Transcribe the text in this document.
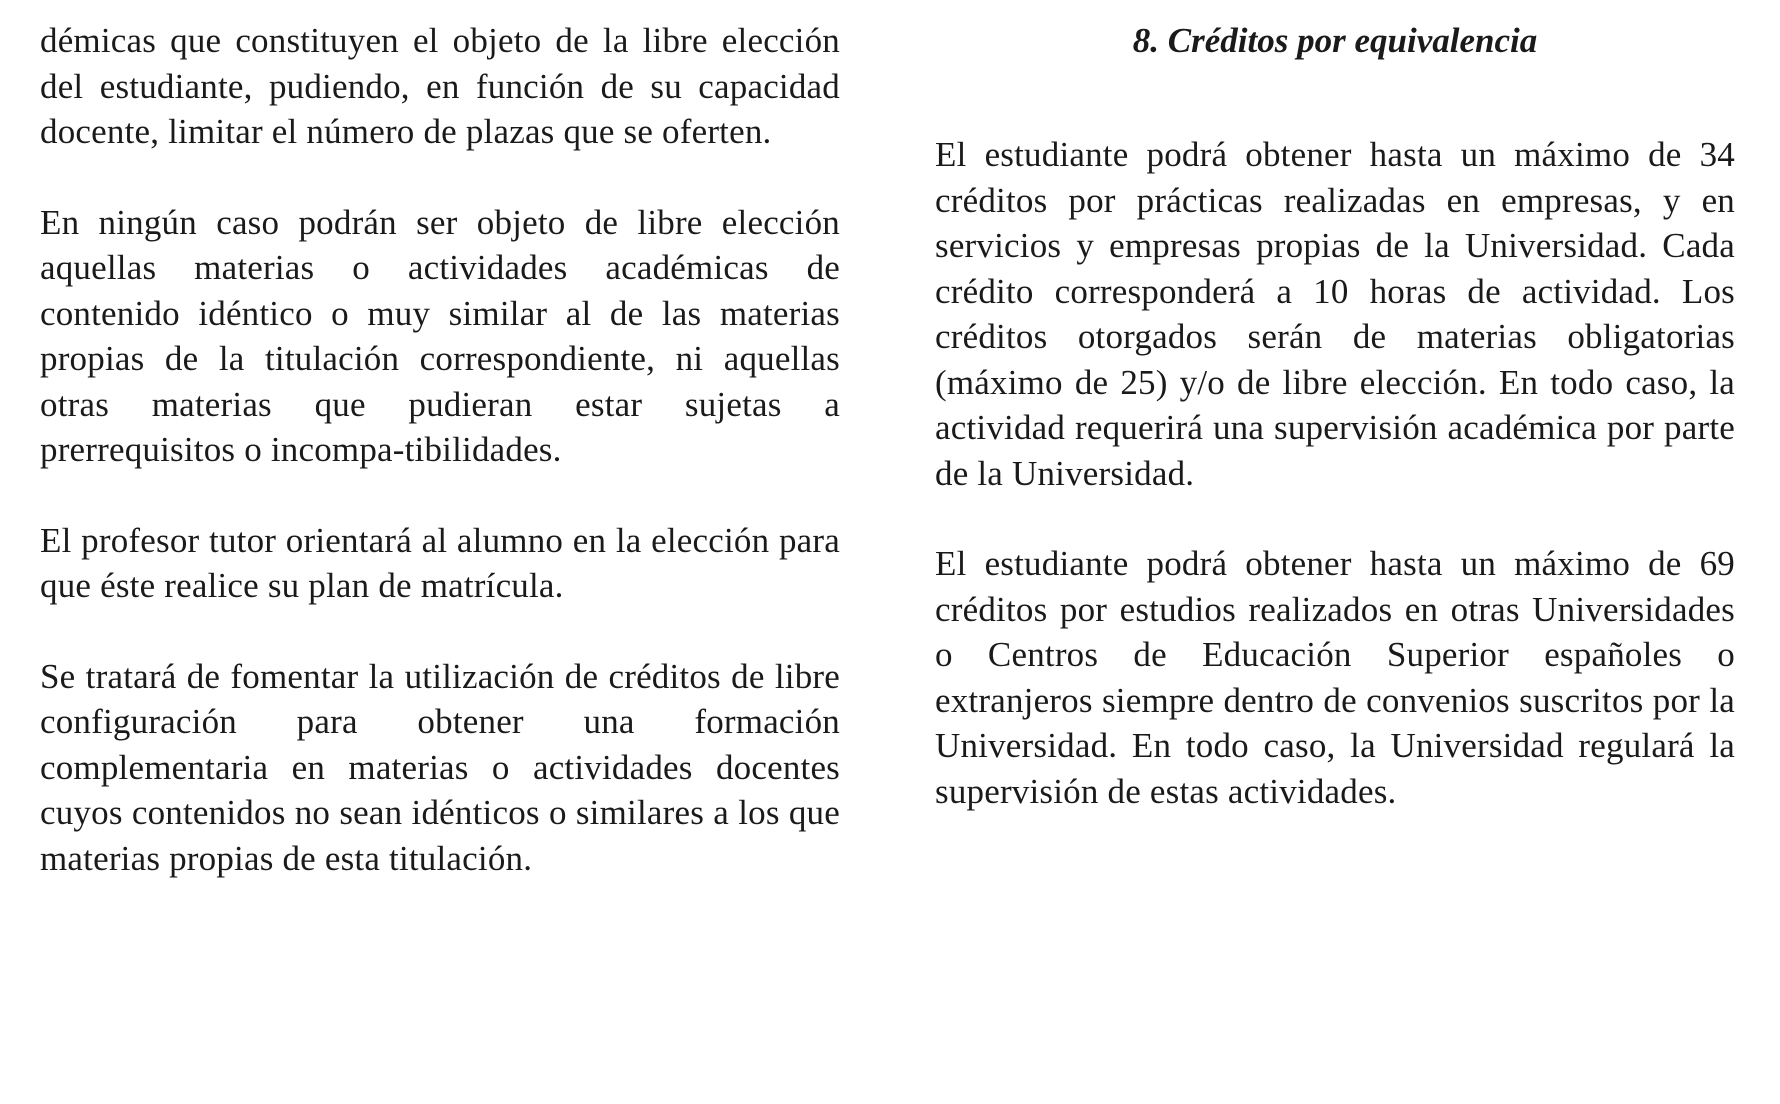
démicas que constituyen el objeto de la libre elección del estudiante, pudiendo, en función de su capacidad docente, limitar el número de plazas que se oferten.

En ningún caso podrán ser objeto de libre elección aquellas materias o actividades académicas de contenido idéntico o muy similar al de las materias propias de la titulación correspondiente, ni aquellas otras materias que pudieran estar sujetas a prerrequisitos o incompa-tibilidades.

El profesor tutor orientará al alumno en la elección para que éste realice su plan de matrícula.

Se tratará de fomentar la utilización de créditos de libre configuración para obtener una formación complementaria en materias o actividades docentes cuyos contenidos no sean idénticos o similares a los que materias propias de esta titulación.

8. Créditos por equivalencia

El estudiante podrá obtener hasta un máximo de 34 créditos por prácticas realizadas en empresas, y en servicios y empresas propias de la Universidad. Cada crédito corresponderá a 10 horas de actividad. Los créditos otorgados serán de materias obligatorias (máximo de 25) y/o de libre elección. En todo caso, la actividad requerirá una supervisión académica por parte de la Universidad.

El estudiante podrá obtener hasta un máximo de 69 créditos por estudios realizados en otras Universidades o Centros de Educación Superior españoles o extranjeros siempre dentro de convenios suscritos por la Universidad. En todo caso, la Universidad regulará la supervisión de estas actividades.
